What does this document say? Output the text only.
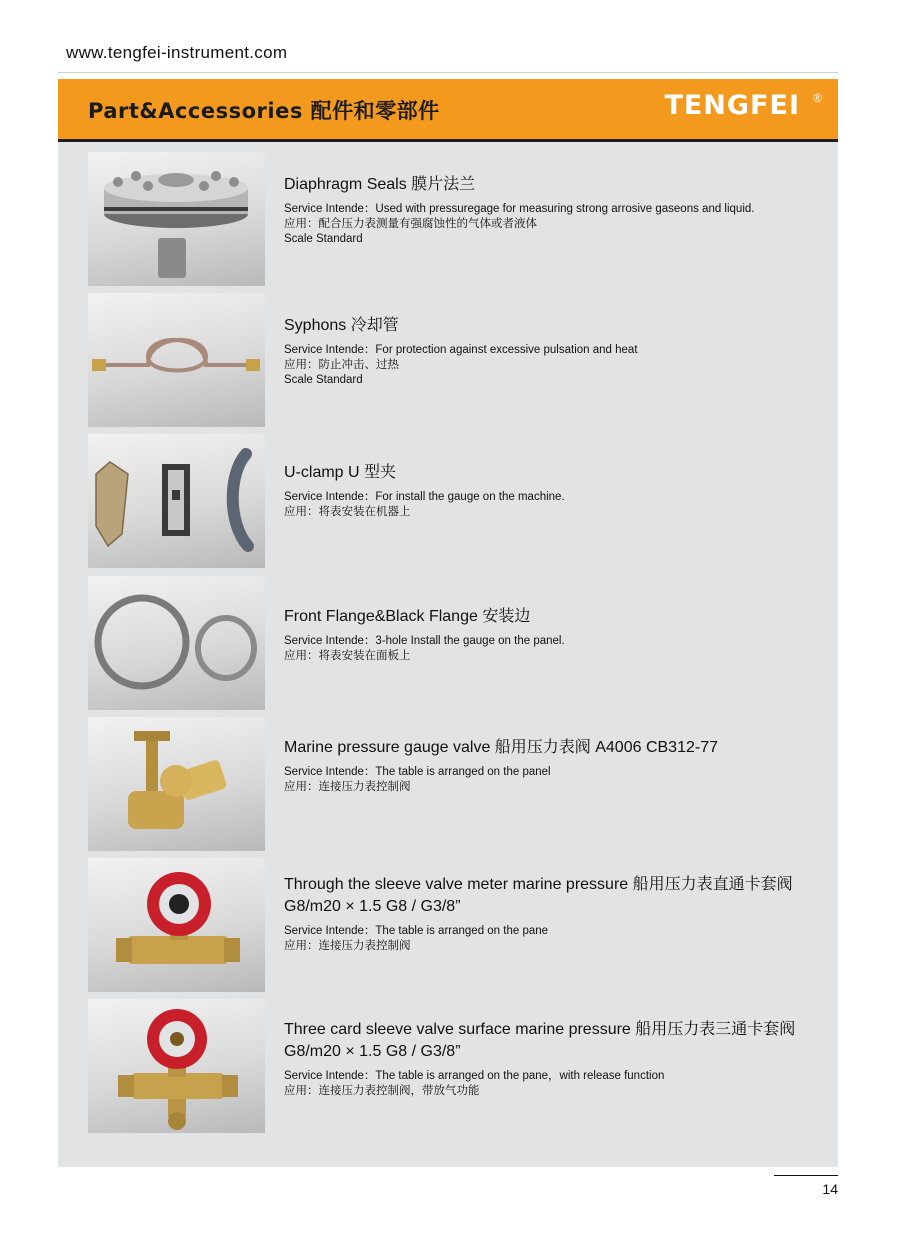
www.tengfei-instrument.com
Part&Accessories 配件和零部件	TENGFEI ®
Diaphragm Seals 膜片法兰
Service Intende：Used with pressuregage for measuring strong arrosive gaseons and liquid.
应用：配合压力表测量有强腐蚀性的气体或者液体
Scale Standard
Syphons 冷却管
Service Intende：For protection against excessive pulsation and heat
应用：防止冲击、过热
Scale Standard
U-clamp U 型夹
Service Intende：For install the gauge on the machine.
应用：将表安装在机器上
Front Flange&Black Flange 安装边
Service Intende：3-hole Install the gauge on the panel.
应用：将表安装在面板上
Marine pressure gauge valve 船用压力表阀 A4006 CB312-77
Service Intende：The table is arranged on the panel
应用：连接压力表控制阀
Through the sleeve valve meter marine pressure 船用压力表直通卡套阀
G8/m20 × 1.5 G8 / G3/8”
Service Intende：The table is arranged on the pane
应用：连接压力表控制阀
Three card sleeve valve surface marine pressure 船用压力表三通卡套阀
G8/m20 × 1.5 G8 / G3/8”
Service Intende：The table is arranged on the pane，with release function
应用：连接压力表控制阀，带放气功能
14
